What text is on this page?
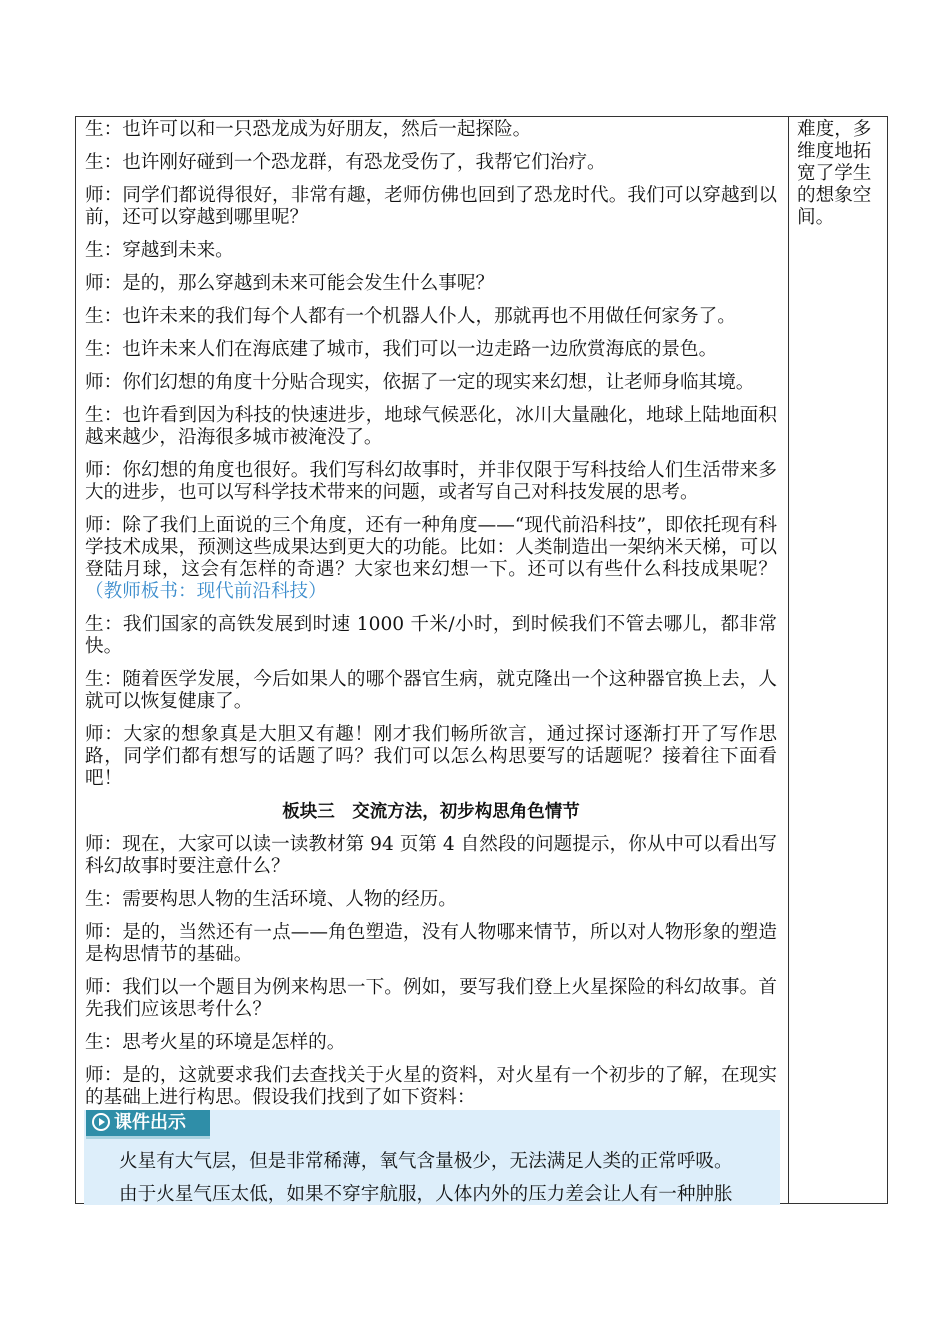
生：也许可以和一只恐龙成为好朋友，然后一起探险。

生：也许刚好碰到一个恐龙群，有恐龙受伤了，我帮它们治疗。

师：同学们都说得很好，非常有趣，老师仿佛也回到了恐龙时代。我们可以穿越到以前，还可以穿越到哪里呢？

生：穿越到未来。

师：是的，那么穿越到未来可能会发生什么事呢？

生：也许未来的我们每个人都有一个机器人仆人，那就再也不用做任何家务了。

生：也许未来人们在海底建了城市，我们可以一边走路一边欣赏海底的景色。

师：你们幻想的角度十分贴合现实，依据了一定的现实来幻想，让老师身临其境。

生：也许看到因为科技的快速进步，地球气候恶化，冰川大量融化，地球上陆地面积越来越少，沿海很多城市被淹没了。

师：你幻想的角度也很好。我们写科幻故事时，并非仅限于写科技给人们生活带来多大的进步，也可以写科学技术带来的问题，或者写自己对科技发展的思考。

师：除了我们上面说的三个角度，还有一种角度——“现代前沿科技”，即依托现有科学技术成果，预测这些成果达到更大的功能。比如：人类制造出一架纳米天梯，可以登陆月球，这会有怎样的奇遇？大家也来幻想一下。还可以有些什么科技成果呢？（教师板书：现代前沿科技）

生：我们国家的高铁发展到时速 1000 千米/小时，到时候我们不管去哪儿，都非常快。

生：随着医学发展，今后如果人的哪个器官生病，就克隆出一个这种器官换上去，人就可以恢复健康了。

师：大家的想象真是大胆又有趣！刚才我们畅所欲言，通过探讨逐渐打开了写作思路，同学们都有想写的话题了吗？我们可以怎么构思要写的话题呢？接着往下面看吧！

板块三　交流方法，初步构思角色情节

师：现在，大家可以读一读教材第 94 页第 4 自然段的问题提示，你从中可以看出写科幻故事时要注意什么？

生：需要构思人物的生活环境、人物的经历。

师：是的，当然还有一点——角色塑造，没有人物哪来情节，所以对人物形象的塑造是构思情节的基础。

师：我们以一个题目为例来构思一下。例如，要写我们登上火星探险的科幻故事。首先我们应该思考什么？

生：思考火星的环境是怎样的。

师：是的，这就要求我们去查找关于火星的资料，对火星有一个初步的了解，在现实的基础上进行构思。假设我们找到了如下资料：

课件出示

火星有大气层，但是非常稀薄，氧气含量极少，无法满足人类的正常呼吸。

由于火星气压太低，如果不穿宇航服，人体内外的压力差会让人有一种肿胀

难度，多维度地拓宽了学生的想象空间。
